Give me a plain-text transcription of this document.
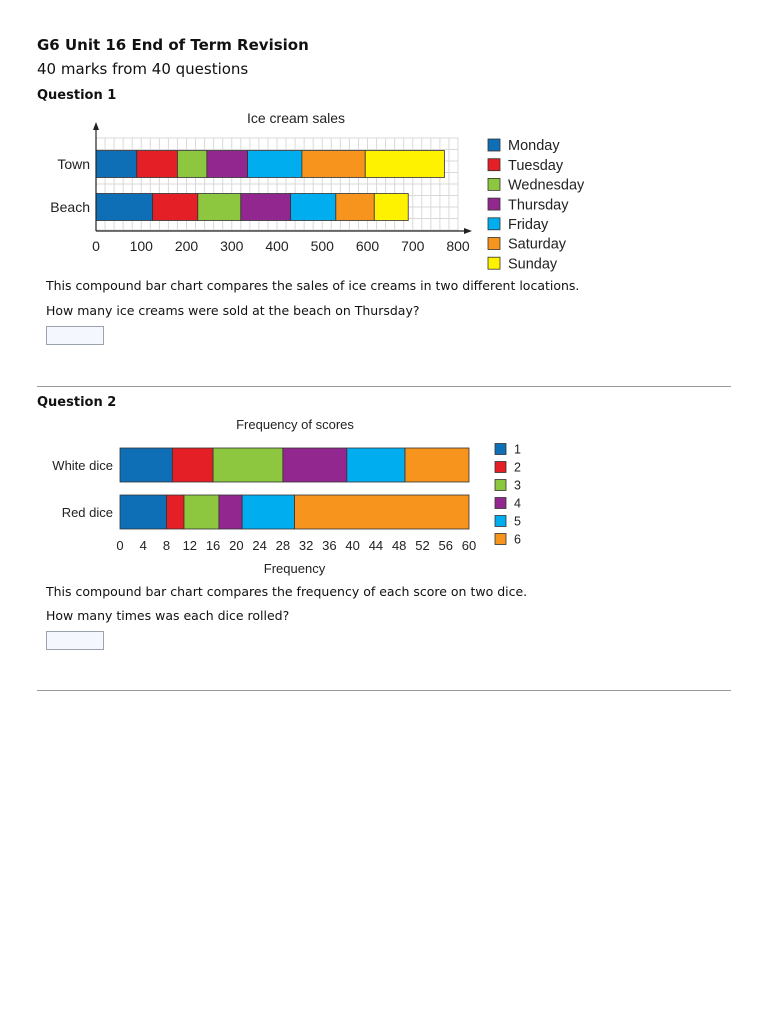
G6 Unit 16 End of Term Revision
40 marks from 40 questions
Question 1
Ice cream sales
Town
Beach
0 100 200 300 400 500 600 700 800
Monday
Tuesday
Wednesday
Thursday
Friday
Saturday
Sunday
This compound bar chart compares the sales of ice creams in two different locations.
How many ice creams were sold at the beach on Thursday?
Question 2
Frequency of scores
White dice
Red dice
0 4 8 12 16 20 24 28 32 36 40 44 48 52 56 60
Frequency
1
2
3
4
5
6
This compound bar chart compares the frequency of each score on two dice.
How many times was each dice rolled?
